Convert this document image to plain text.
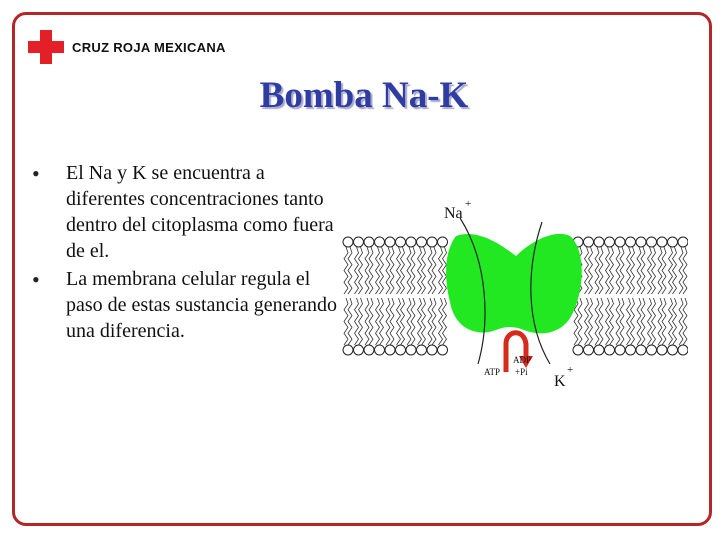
CRUZ ROJA MEXICANA
Bomba Na-K
• El Na y K se encuentra a diferentes concentraciones tanto dentro del citoplasma como fuera de el.
• La membrana celular regula el paso de estas sustancia generando una diferencia.
Na
+
K
+
ADP
+Pi
ATP
